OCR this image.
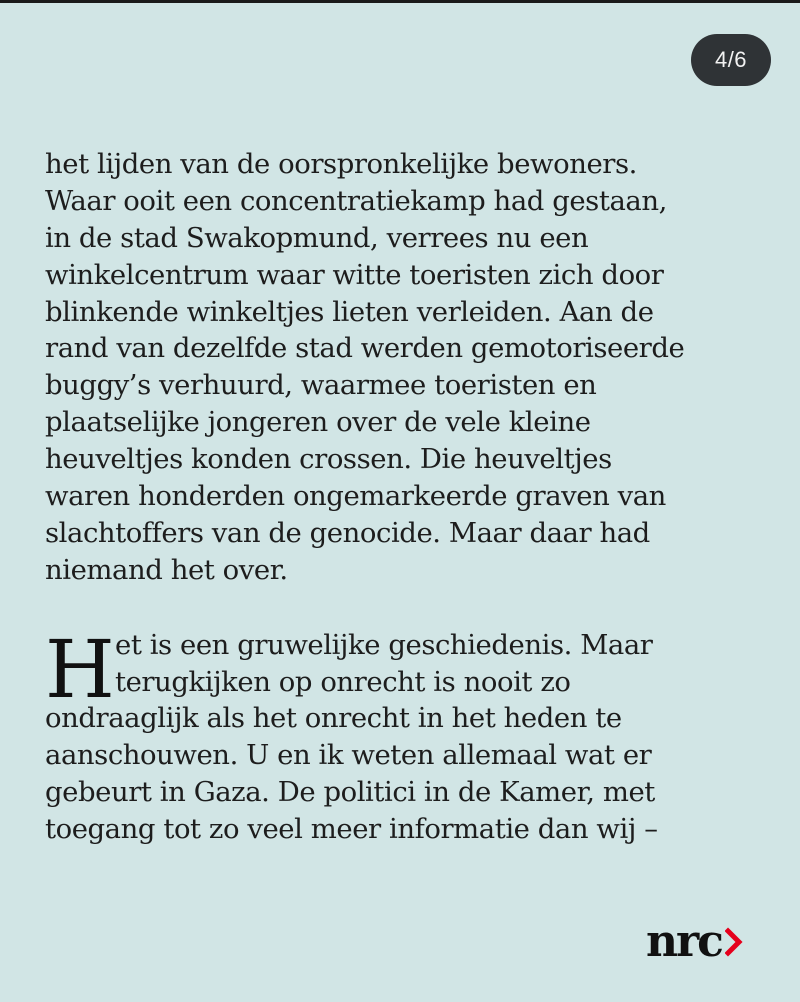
4/6
het lijden van de oorspronkelijke bewoners.
Waar ooit een concentratiekamp had gestaan,
in de stad Swakopmund, verrees nu een
winkelcentrum waar witte toeristen zich door
blinkende winkeltjes lieten verleiden. Aan de
rand van dezelfde stad werden gemotoriseerde
buggy’s verhuurd, waarmee toeristen en
plaatselijke jongeren over de vele kleine
heuveltjes konden crossen. Die heuveltjes
waren honderden ongemarkeerde graven van
slachtoffers van de genocide. Maar daar had
niemand het over.
H et is een gruwelijke geschiedenis. Maar
terugkijken op onrecht is nooit zo
ondraaglijk als het onrecht in het heden te
aanschouwen. U en ik weten allemaal wat er
gebeurt in Gaza. De politici in de Kamer, met
toegang tot zo veel meer informatie dan wij –
nrc
